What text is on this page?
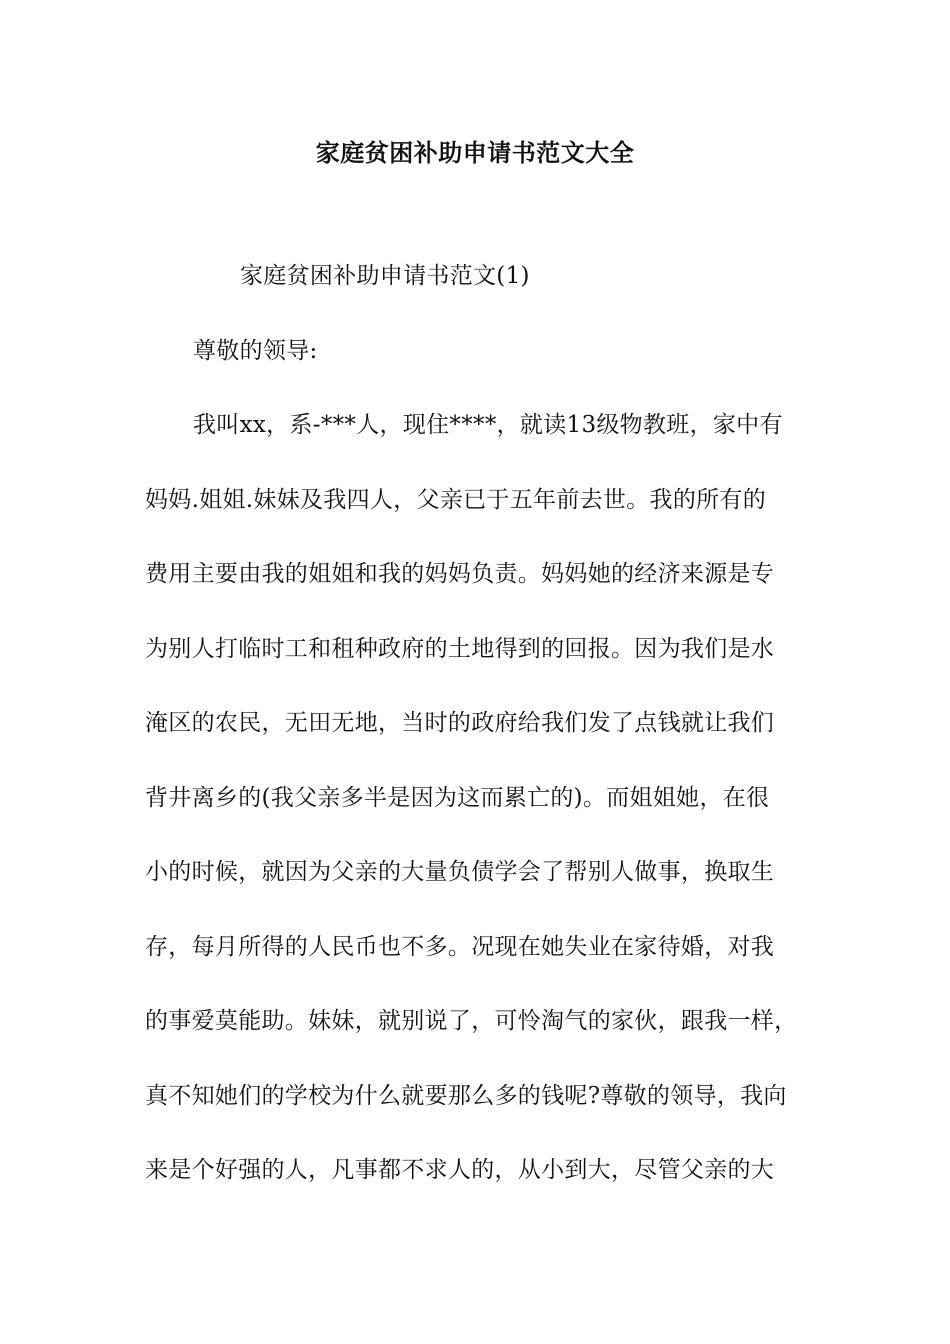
家庭贫困补助申请书范文大全
家庭贫困补助申请书范文(1)
尊敬的领导:
我叫xx，系-***人，现住****，就读13级物教班，家中有
妈妈.姐姐.妹妹及我四人，父亲已于五年前去世。我的所有的
费用主要由我的姐姐和我的妈妈负责。妈妈她的经济来源是专
为别人打临时工和租种政府的土地得到的回报。因为我们是水
淹区的农民，无田无地，当时的政府给我们发了点钱就让我们
背井离乡的(我父亲多半是因为这而累亡的)。而姐姐她，在很
小的时候，就因为父亲的大量负债学会了帮别人做事，换取生
存，每月所得的人民币也不多。况现在她失业在家待婚，对我
的事爱莫能助。妹妹，就别说了，可怜淘气的家伙，跟我一样，
真不知她们的学校为什么就要那么多的钱呢?尊敬的领导，我向
来是个好强的人，凡事都不求人的，从小到大，尽管父亲的大
